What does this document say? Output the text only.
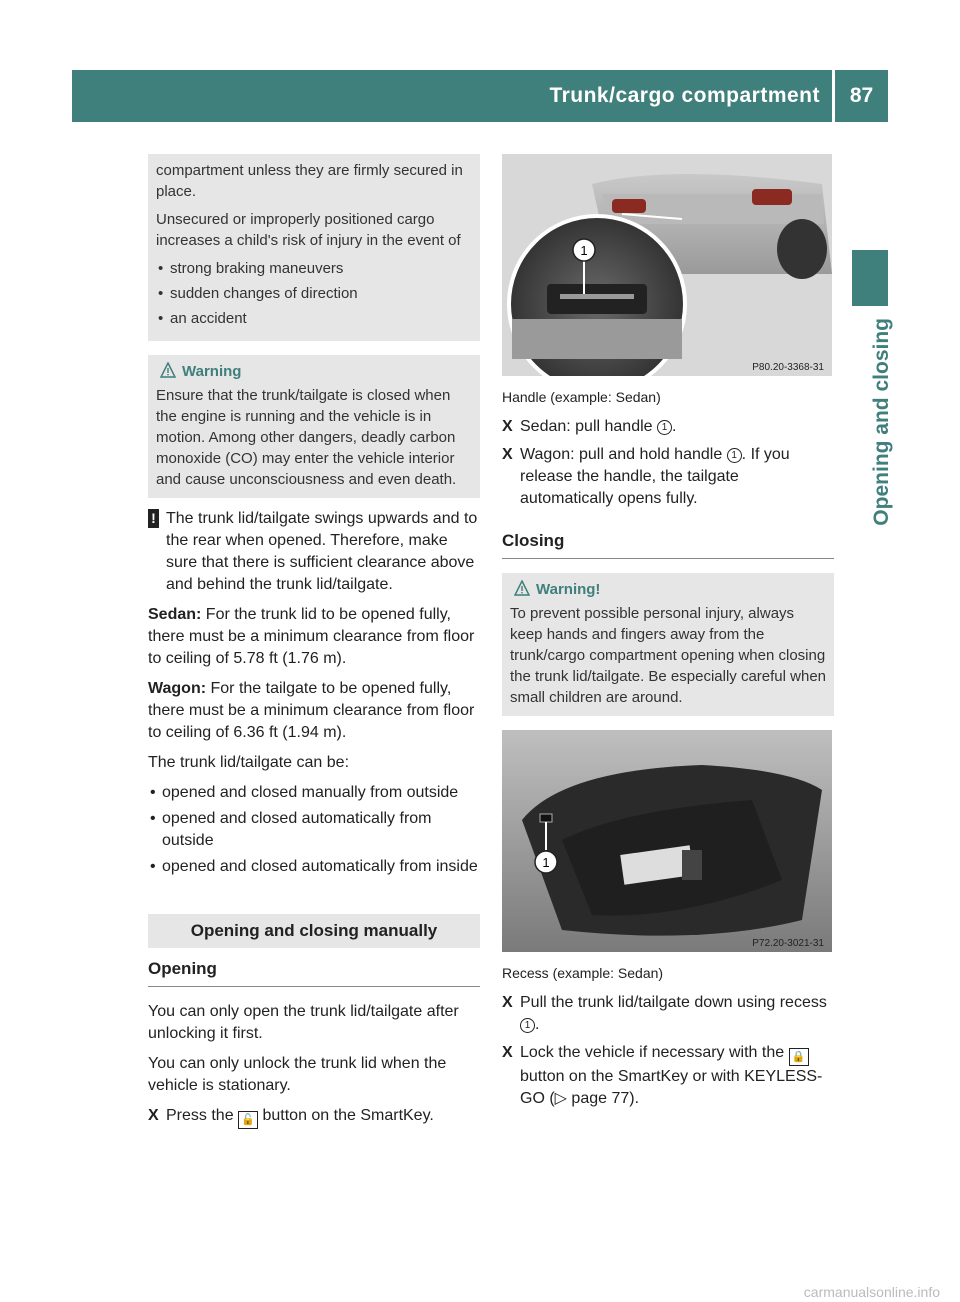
Trunk/cargo compartment	87
Opening and closing

compartment unless they are firmly secured in place.

Unsecured or improperly positioned cargo increases a child's risk of injury in the event of

• strong braking maneuvers
• sudden changes of direction
• an accident
Warning
Ensure that the trunk/tailgate is closed when the engine is running and the vehicle is in motion. Among other dangers, deadly carbon monoxide (CO) may enter the vehicle interior and cause unconsciousness and even death.
! The trunk lid/tailgate swings upwards and to the rear when opened. Therefore, make sure that there is sufficient clearance above and behind the trunk lid/tailgate.

Sedan: For the trunk lid to be opened fully, there must be a minimum clearance from floor to ceiling of 5.78 ft (1.76 m).

Wagon: For the tailgate to be opened fully, there must be a minimum clearance from floor to ceiling of 6.36 ft (1.94 m).

The trunk lid/tailgate can be:

• opened and closed manually from outside
• opened and closed automatically from outside
• opened and closed automatically from inside
Opening and closing manually
Opening

You can only open the trunk lid/tailgate after unlocking it first.

You can only unlock the trunk lid when the vehicle is stationary.

X Press the 🔓 button on the SmartKey.
1
P80.20-3368-31
Handle (example: Sedan)
X Sedan: pull handle 1 .
X Wagon: pull and hold handle 1 . If you release the handle, the tailgate automatically opens fully.
Closing
Warning!
To prevent possible personal injury, always keep hands and fingers away from the trunk/cargo compartment opening when closing the trunk lid/tailgate. Be especially careful when small children are around.
1
P72.20-3021-31
Recess (example: Sedan)
X Pull the trunk lid/tailgate down using recess 1 .
X Lock the vehicle if necessary with the 🔒 button on the SmartKey or with KEYLESS-GO (▷ page 77).
carmanualsonline.info
